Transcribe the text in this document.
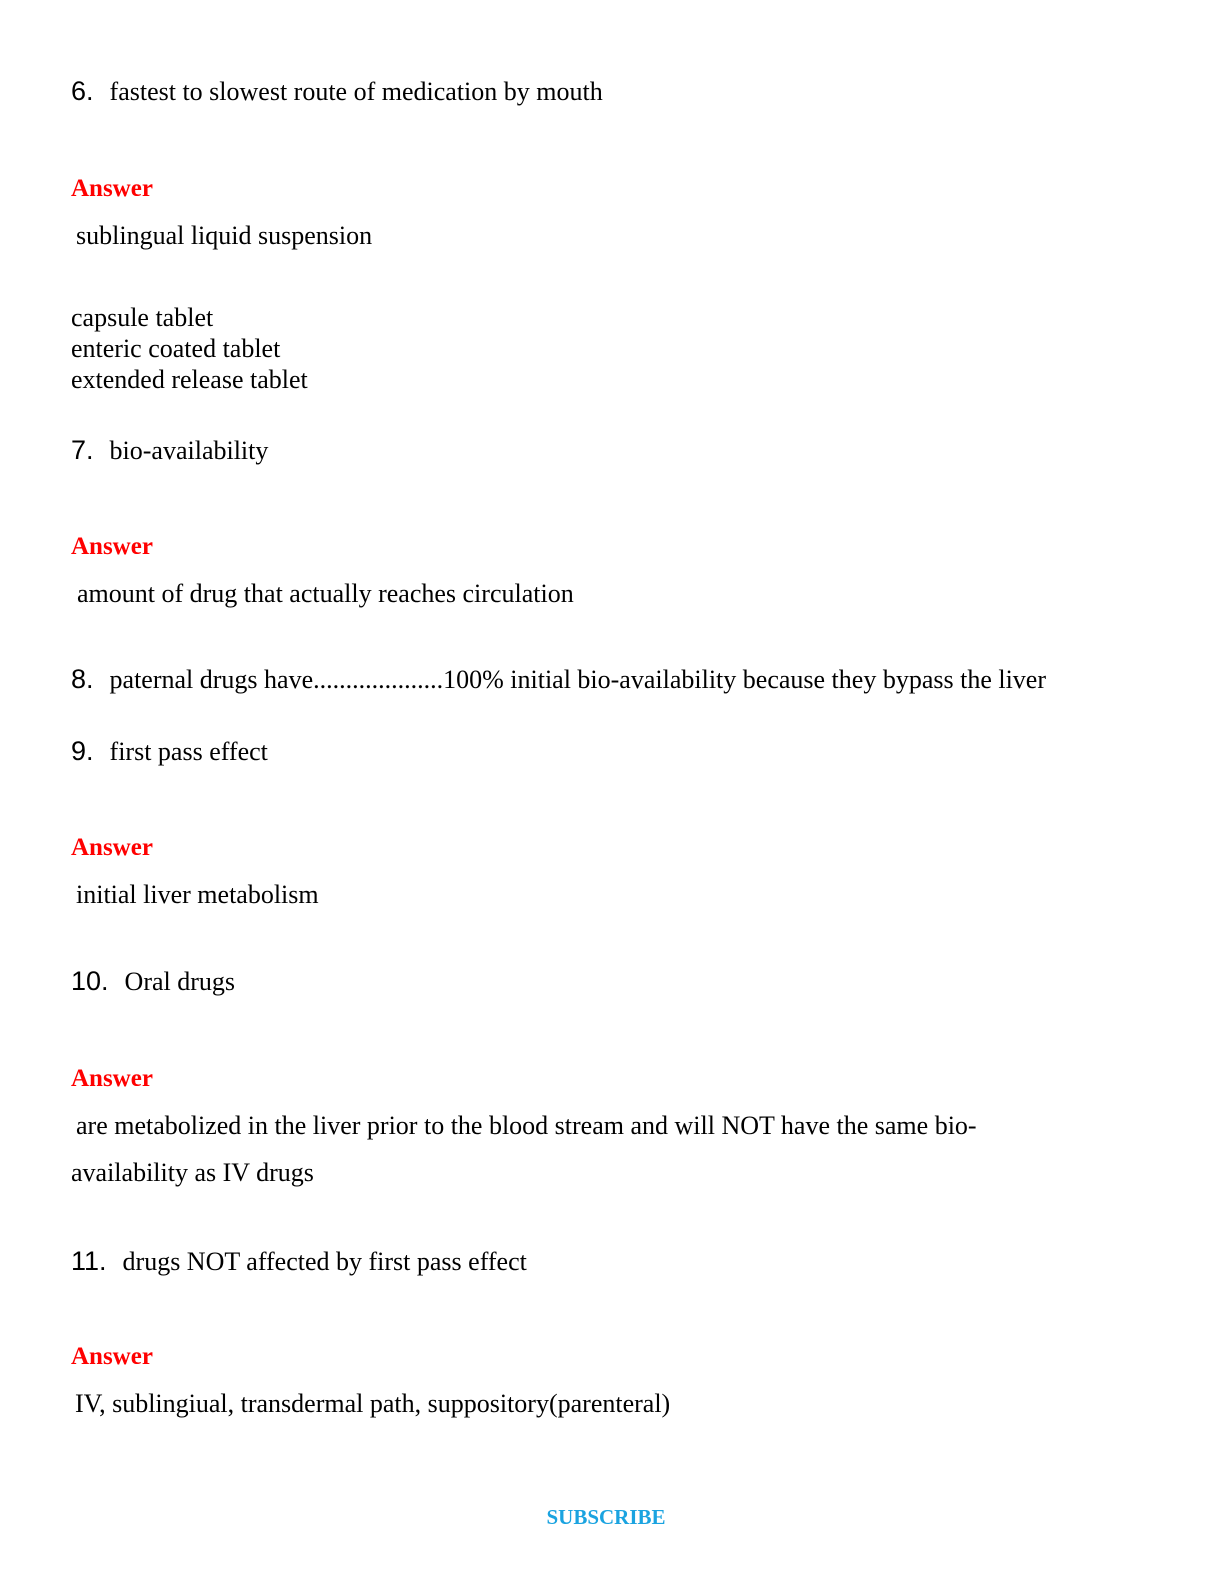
6. fastest to slowest route of medication by mouth
Answer
sublingual liquid suspension
capsule tablet
enteric coated tablet
extended release tablet
7. bio-availability
Answer
amount of drug that actually reaches circulation
8. paternal drugs have....................100% initial bio-availability because they bypass the liver
9. first pass effect
Answer
initial liver metabolism
10. Oral drugs
Answer
are metabolized in the liver prior to the blood stream and will NOT have the same bio-
availability as IV drugs
11. drugs NOT affected by first pass effect
Answer
IV, sublingiual, transdermal path, suppository(parenteral)
SUBSCRIBE
